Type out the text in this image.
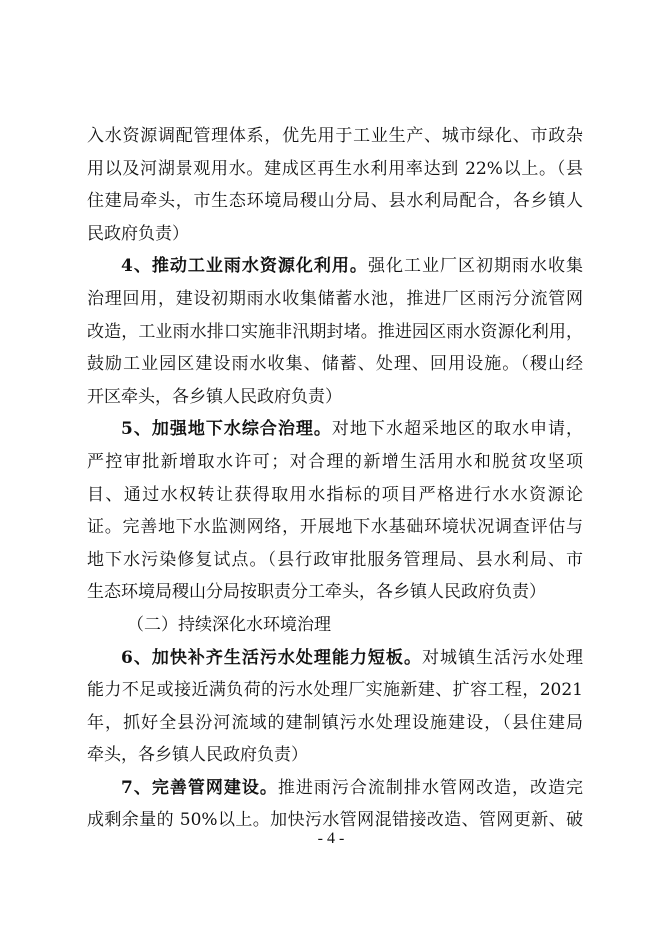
入水资源调配管理体系，优先用于工业生产、城市绿化、市政杂
用以及河湖景观用水。建成区再生水利用率达到 22%以上。（县
住建局牵头，市生态环境局稷山分局、县水利局配合，各乡镇人
民政府负责）
4、推动工业雨水资源化利用。强化工业厂区初期雨水收集
治理回用，建设初期雨水收集储蓄水池，推进厂区雨污分流管网
改造，工业雨水排口实施非汛期封堵。推进园区雨水资源化利用，
鼓励工业园区建设雨水收集、储蓄、处理、回用设施。（稷山经
开区牵头，各乡镇人民政府负责）
5、加强地下水综合治理。对地下水超采地区的取水申请，
严控审批新增取水许可；对合理的新增生活用水和脱贫攻坚项
目、通过水权转让获得取用水指标的项目严格进行水水资源论
证。完善地下水监测网络，开展地下水基础环境状况调查评估与
地下水污染修复试点。（县行政审批服务管理局、县水利局、市
生态环境局稷山分局按职责分工牵头，各乡镇人民政府负责）
（二）持续深化水环境治理
6、加快补齐生活污水处理能力短板。对城镇生活污水处理
能力不足或接近满负荷的污水处理厂实施新建、扩容工程，2021
年，抓好全县汾河流域的建制镇污水处理设施建设，（县住建局
牵头，各乡镇人民政府负责）
7、完善管网建设。推进雨污合流制排水管网改造，改造完
成剩余量的 50%以上。加快污水管网混错接改造、管网更新、破
- 4 -
